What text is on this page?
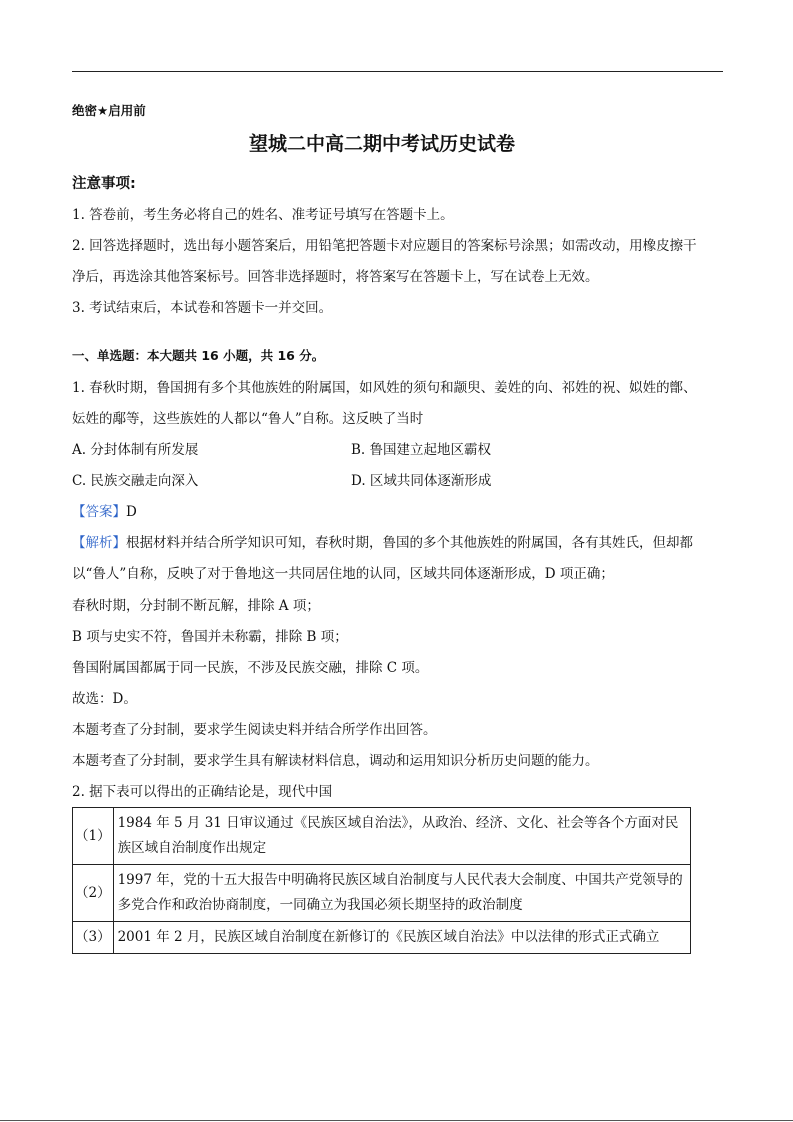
绝密★启用前
望城二中高二期中考试历史试卷
注意事项:
1. 答卷前，考生务必将自己的姓名、准考证号填写在答题卡上。
2. 回答选择题时，选出每小题答案后，用铅笔把答题卡对应题目的答案标号涂黑；如需改动，用橡皮擦干
净后，再选涂其他答案标号。回答非选择题时，将答案写在答题卡上，写在试卷上无效。
3. 考试结束后，本试卷和答题卡一并交回。
一、单选题：本大题共 16 小题，共 16 分。
1. 春秋时期，鲁国拥有多个其他族姓的附属国，如风姓的须句和颛臾、姜姓的向、祁姓的祝、姒姓的鄫、
妘姓的鄅等，这些族姓的人都以“鲁人”自称。这反映了当时
A. 分封体制有所发展	B. 鲁国建立起地区霸权
C. 民族交融走向深入	D. 区域共同体逐渐形成
【答案】D
【解析】根据材料并结合所学知识可知，春秋时期，鲁国的多个其他族姓的附属国，各有其姓氏，但却都
以“鲁人”自称，反映了对于鲁地这一共同居住地的认同，区域共同体逐渐形成，D 项正确；
春秋时期，分封制不断瓦解，排除 A 项；
B 项与史实不符，鲁国并未称霸，排除 B 项；
鲁国附属国都属于同一民族，不涉及民族交融，排除 C 项。
故选：D。
本题考查了分封制，要求学生阅读史料并结合所学作出回答。
本题考查了分封制，要求学生具有解读材料信息，调动和运用知识分析历史问题的能力。
2. 据下表可以得出的正确结论是，现代中国
（1）	1984 年 5 月 31 日审议通过《民族区域自治法》，从政治、经济、文化、社会等各个方面对民族区域自治制度作出规定
（2）	1997 年，党的十五大报告中明确将民族区域自治制度与人民代表大会制度、中国共产党领导的多党合作和政治协商制度，一同确立为我国必须长期坚持的政治制度
（3）	2001 年 2 月，民族区域自治制度在新修订的《民族区域自治法》中以法律的形式正式确立
